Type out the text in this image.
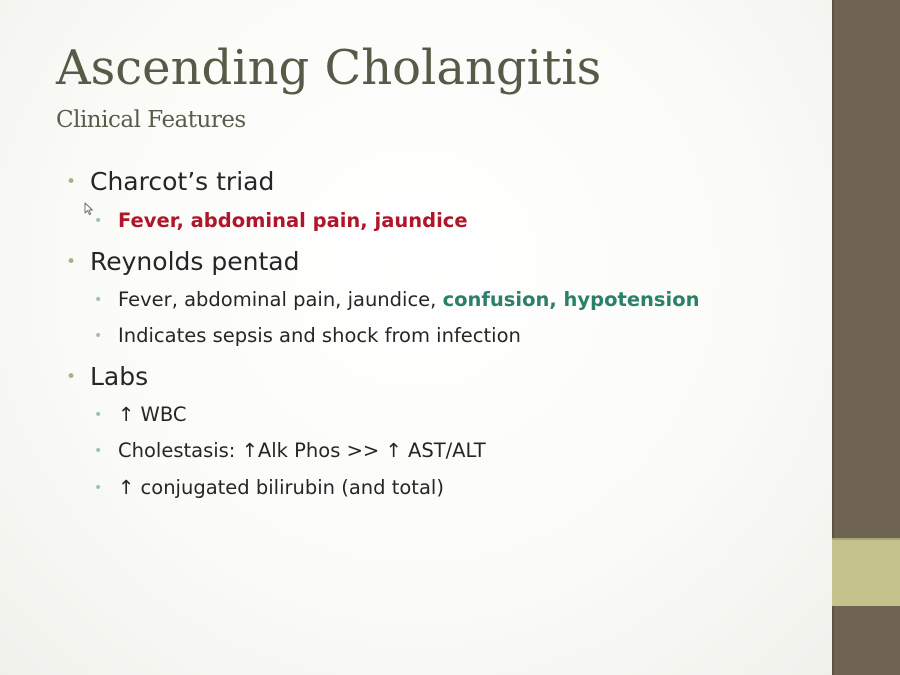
Ascending Cholangitis
Clinical Features
• Charcot’s triad
• Fever, abdominal pain, jaundice
• Reynolds pentad
• Fever, abdominal pain, jaundice, confusion, hypotension
• Indicates sepsis and shock from infection
• Labs
• ↑ WBC
• Cholestasis: ↑Alk Phos >> ↑ AST/ALT
• ↑ conjugated bilirubin (and total)
